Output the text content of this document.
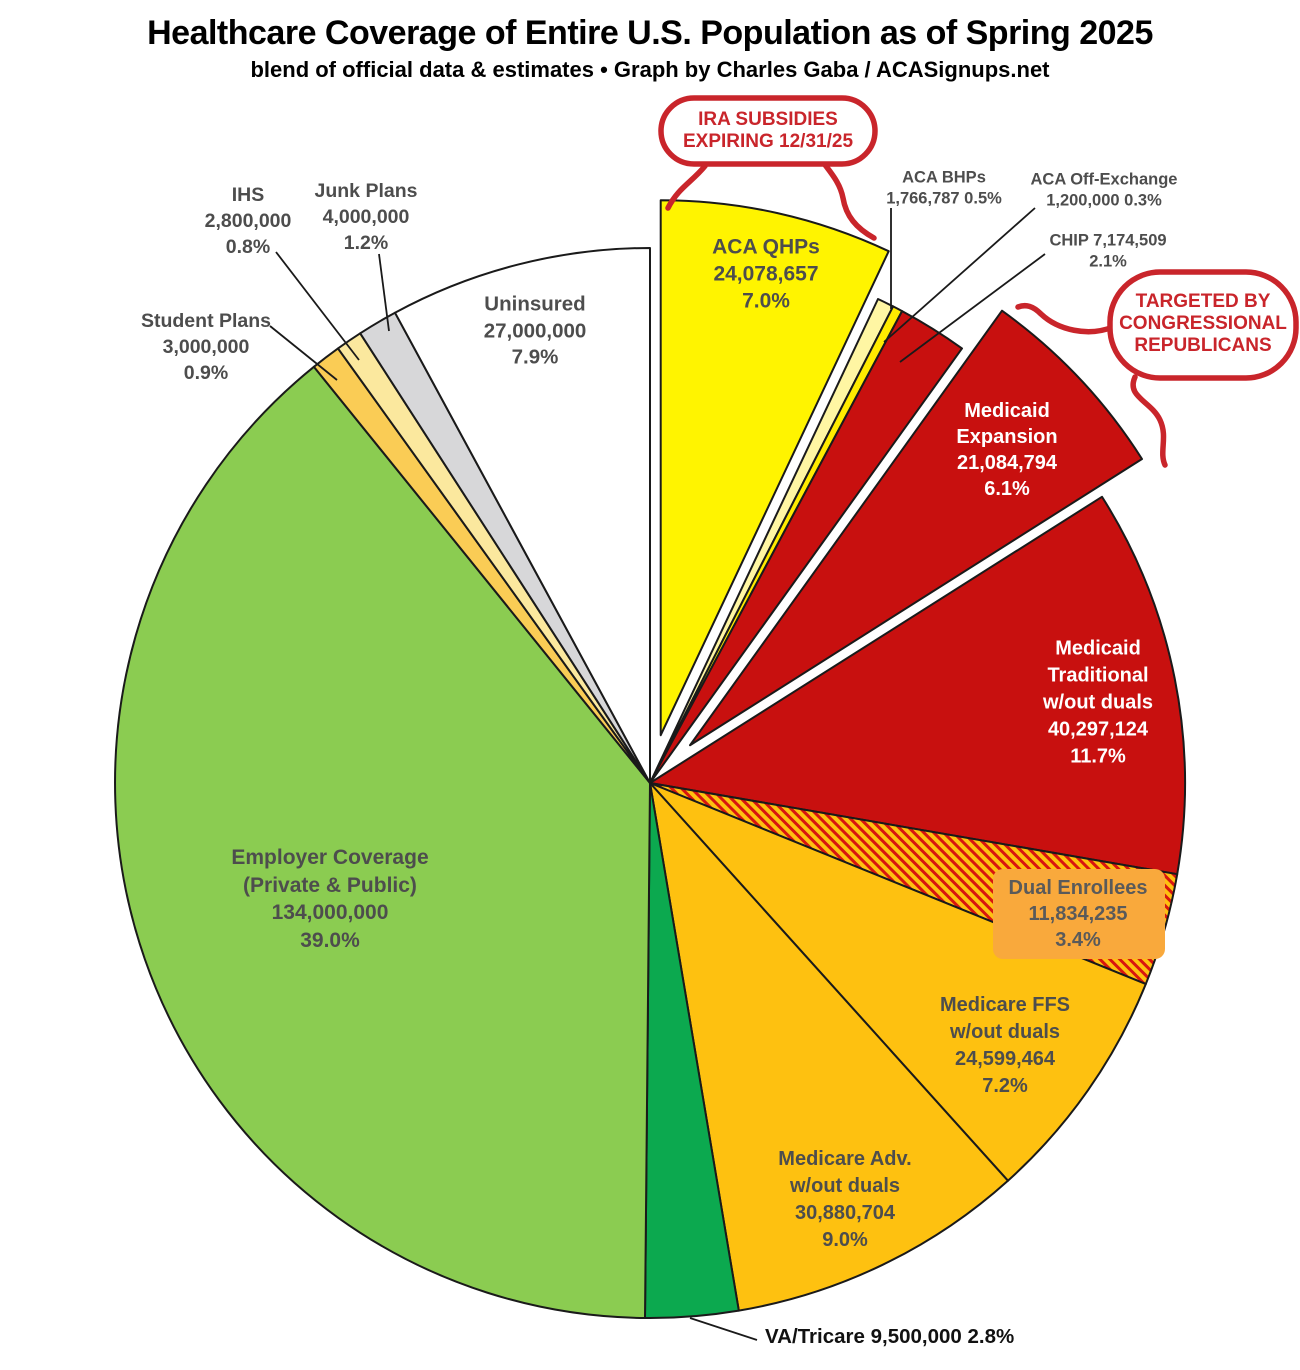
Healthcare Coverage of Entire U.S. Population as of Spring 2025
blend of official data & estimates • Graph by Charles Gaba / ACASignups.net
IRA SUBSIDIES
EXPIRING 12/31/25
TARGETED BY
CONGRESSIONAL
REPUBLICANS
ACA QHPs
24,078,657
7.0%
ACA BHPs
1,766,787 0.5%
ACA Off-Exchange
1,200,000 0.3%
CHIP 7,174,509
2.1%
Medicaid
Expansion
21,084,794
6.1%
Medicaid
Traditional
w/out duals
40,297,124
11.7%
Dual Enrollees
11,834,235
3.4%
Medicare FFS
w/out duals
24,599,464
7.2%
Medicare Adv.
w/out duals
30,880,704
9.0%
VA/Tricare 9,500,000 2.8%
Employer Coverage
(Private & Public)
134,000,000
39.0%
Student Plans
3,000,000
0.9%
IHS
2,800,000
0.8%
Junk Plans
4,000,000
1.2%
Uninsured
27,000,000
7.9%
